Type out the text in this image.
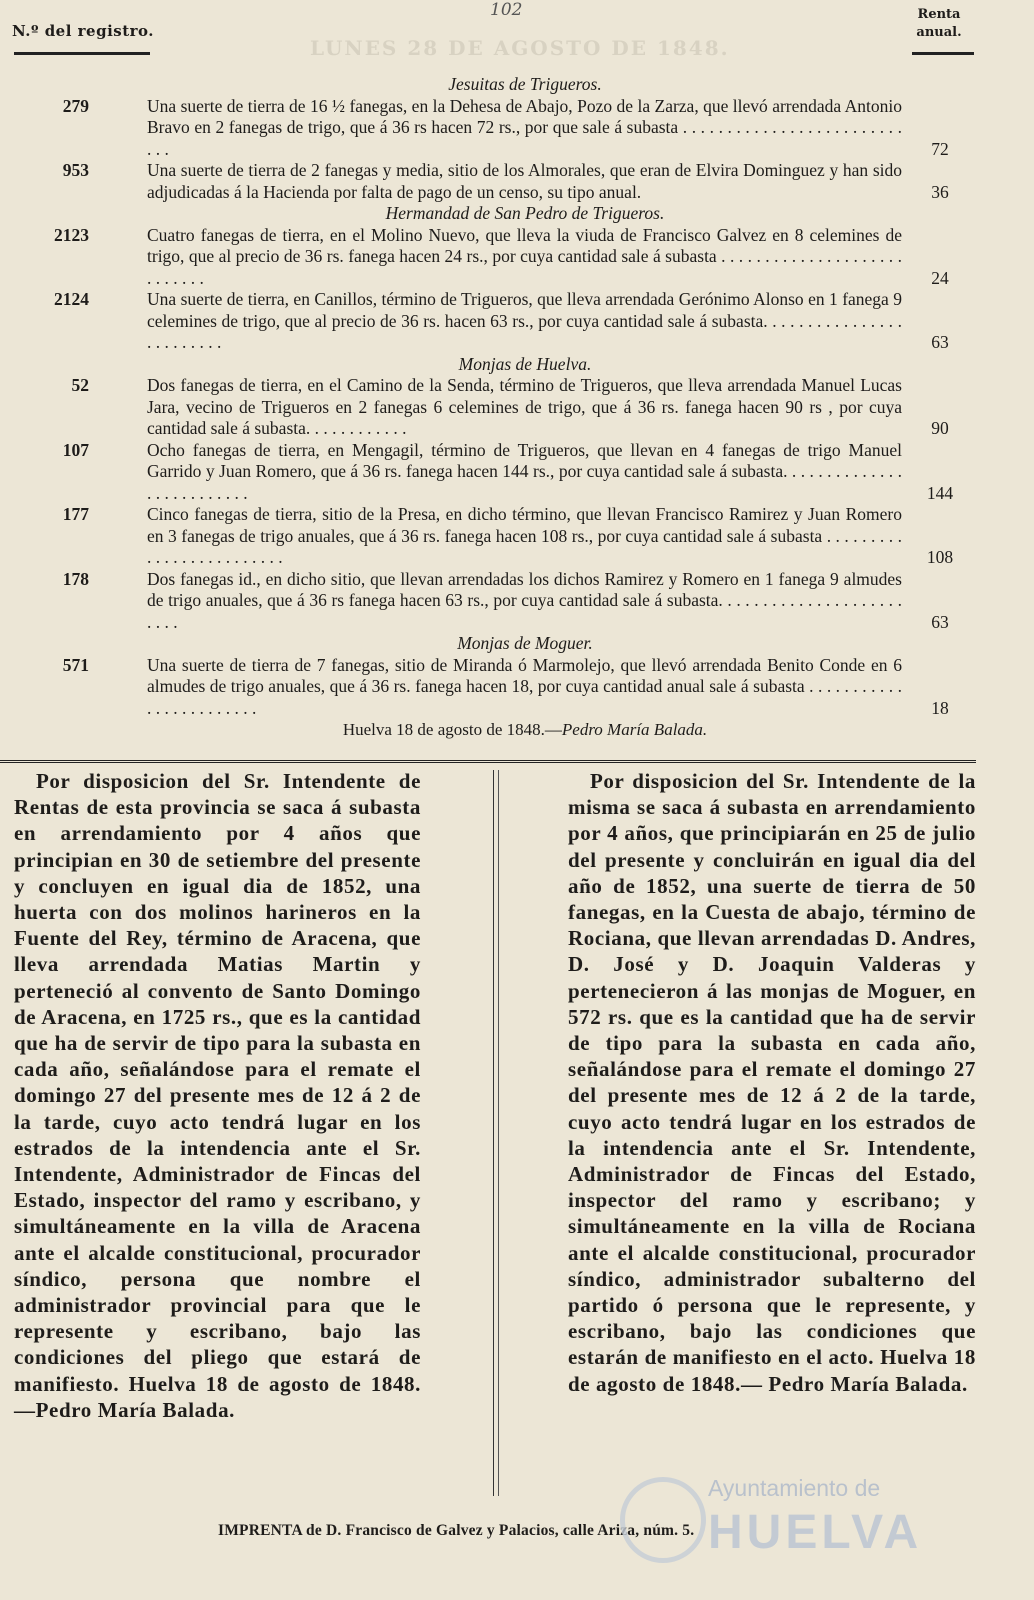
N.º del registro.
102
LUNES 28 DE AGOSTO DE 1848.
Renta
anual.
Jesuitas de Trigueros.
279	Una suerte de tierra de 16 ½ fanegas, en la Dehesa de Abajo, Pozo de la Zarza, que llevó arrendada Antonio Bravo en 2 fanegas de trigo, que á 36 rs hacen 72 rs., por que sale á subasta . . . . . . . . . . . . . . . . . . . . . . . . . . . .	72
953	Una suerte de tierra de 2 fanegas y media, sitio de los Almorales, que eran de Elvira Dominguez y han sido adjudicadas á la Hacienda por falta de pago de un censo, su tipo anual.	36
Hermandad de San Pedro de Trigueros.
2123	Cuatro fanegas de tierra, en el Molino Nuevo, que lleva la viuda de Francisco Galvez en 8 celemines de trigo, que al precio de 36 rs. fanega hacen 24 rs., por cuya cantidad sale á subasta . . . . . . . . . . . . . . . . . . . . . . . . . . . .	24
2124	Una suerte de tierra, en Canillos, término de Trigueros, que lleva arrendada Gerónimo Alonso en 1 fanega 9 celemines de trigo, que al precio de 36 rs. hacen 63 rs., por cuya cantidad sale á subasta. . . . . . . . . . . . . . . . . . . . . . . . .	63
Monjas de Huelva.
52	Dos fanegas de tierra, en el Camino de la Senda, término de Trigueros, que lleva arrendada Manuel Lucas Jara, vecino de Trigueros en 2 fanegas 6 celemines de trigo, que á 36 rs. fanega hacen 90 rs , por cuya cantidad sale á subasta. . . . . . . . . . . .	90
107	Ocho fanegas de tierra, en Mengagil, término de Trigueros, que llevan en 4 fanegas de trigo Manuel Garrido y Juan Romero, que á 36 rs. fanega hacen 144 rs., por cuya cantidad sale á subasta. . . . . . . . . . . . . . . . . . . . . . . . . .	144
177	Cinco fanegas de tierra, sitio de la Presa, en dicho término, que llevan Francisco Ramirez y Juan Romero en 3 fanegas de trigo anuales, que á 36 rs. fanega hacen 108 rs., por cuya cantidad sale á subasta . . . . . . . . . . . . . . . . . . . . . . . . .	108
178	Dos fanegas id., en dicho sitio, que llevan arrendadas los dichos Ramirez y Romero en 1 fanega 9 almudes de trigo anuales, que á 36 rs fanega hacen 63 rs., por cuya cantidad sale á subasta. . . . . . . . . . . . . . . . . . . . . . . . .	63
Monjas de Moguer.
571	Una suerte de tierra de 7 fanegas, sitio de Miranda ó Marmolejo, que llevó arrendada Benito Conde en 6 almudes de trigo anuales, que á 36 rs. fanega hacen 18, por cuya cantidad anual sale á subasta . . . . . . . . . . . . . . . . . . . . . . . .	18
Huelva 18 de agosto de 1848.—Pedro María Balada.

Por disposicion del Sr. Intendente de Rentas de esta provincia se saca á subasta en arrendamiento por 4 años que principian en 30 de setiembre del presente y concluyen en igual dia de 1852, una huerta con dos molinos harineros en la Fuente del Rey, término de Aracena, que lleva arrendada Matias Martin y perteneció al convento de Santo Domingo de Aracena, en 1725 rs., que es la cantidad que ha de servir de tipo para la subasta en cada año, señalándose para el remate el domingo 27 del presente mes de 12 á 2 de la tarde, cuyo acto tendrá lugar en los estrados de la intendencia ante el Sr. Intendente, Administrador de Fincas del Estado, inspector del ramo y escribano, y simultáneamente en la villa de Aracena ante el alcalde constitucional, procurador síndico, persona que nombre el administrador provincial para que le represente y escribano, bajo las condiciones del pliego que estará de manifiesto. Huelva 18 de agosto de 1848.—Pedro María Balada.

Por disposicion del Sr. Intendente de la misma se saca á subasta en arrendamiento por 4 años, que principiarán en 25 de julio del presente y concluirán en igual dia del año de 1852, una suerte de tierra de 50 fanegas, en la Cuesta de abajo, término de Rociana, que llevan arrendadas D. Andres, D. José y D. Joaquin Valderas y pertenecieron á las monjas de Moguer, en 572 rs. que es la cantidad que ha de servir de tipo para la subasta en cada año, señalándose para el remate el domingo 27 del presente mes de 12 á 2 de la tarde, cuyo acto tendrá lugar en los estrados de la intendencia ante el Sr. Intendente, Administrador de Fincas del Estado, inspector del ramo y escribano; y simultáneamente en la villa de Rociana ante el alcalde constitucional, procurador síndico, administrador subalterno del partido ó persona que le represente, y escribano, bajo las condiciones que estarán de manifiesto en el acto. Huelva 18 de agosto de 1848.— Pedro María Balada.

IMPRENTA de D. Francisco de Galvez y Palacios, calle Ariza, núm. 5.
Ayuntamiento de
HUELVA
